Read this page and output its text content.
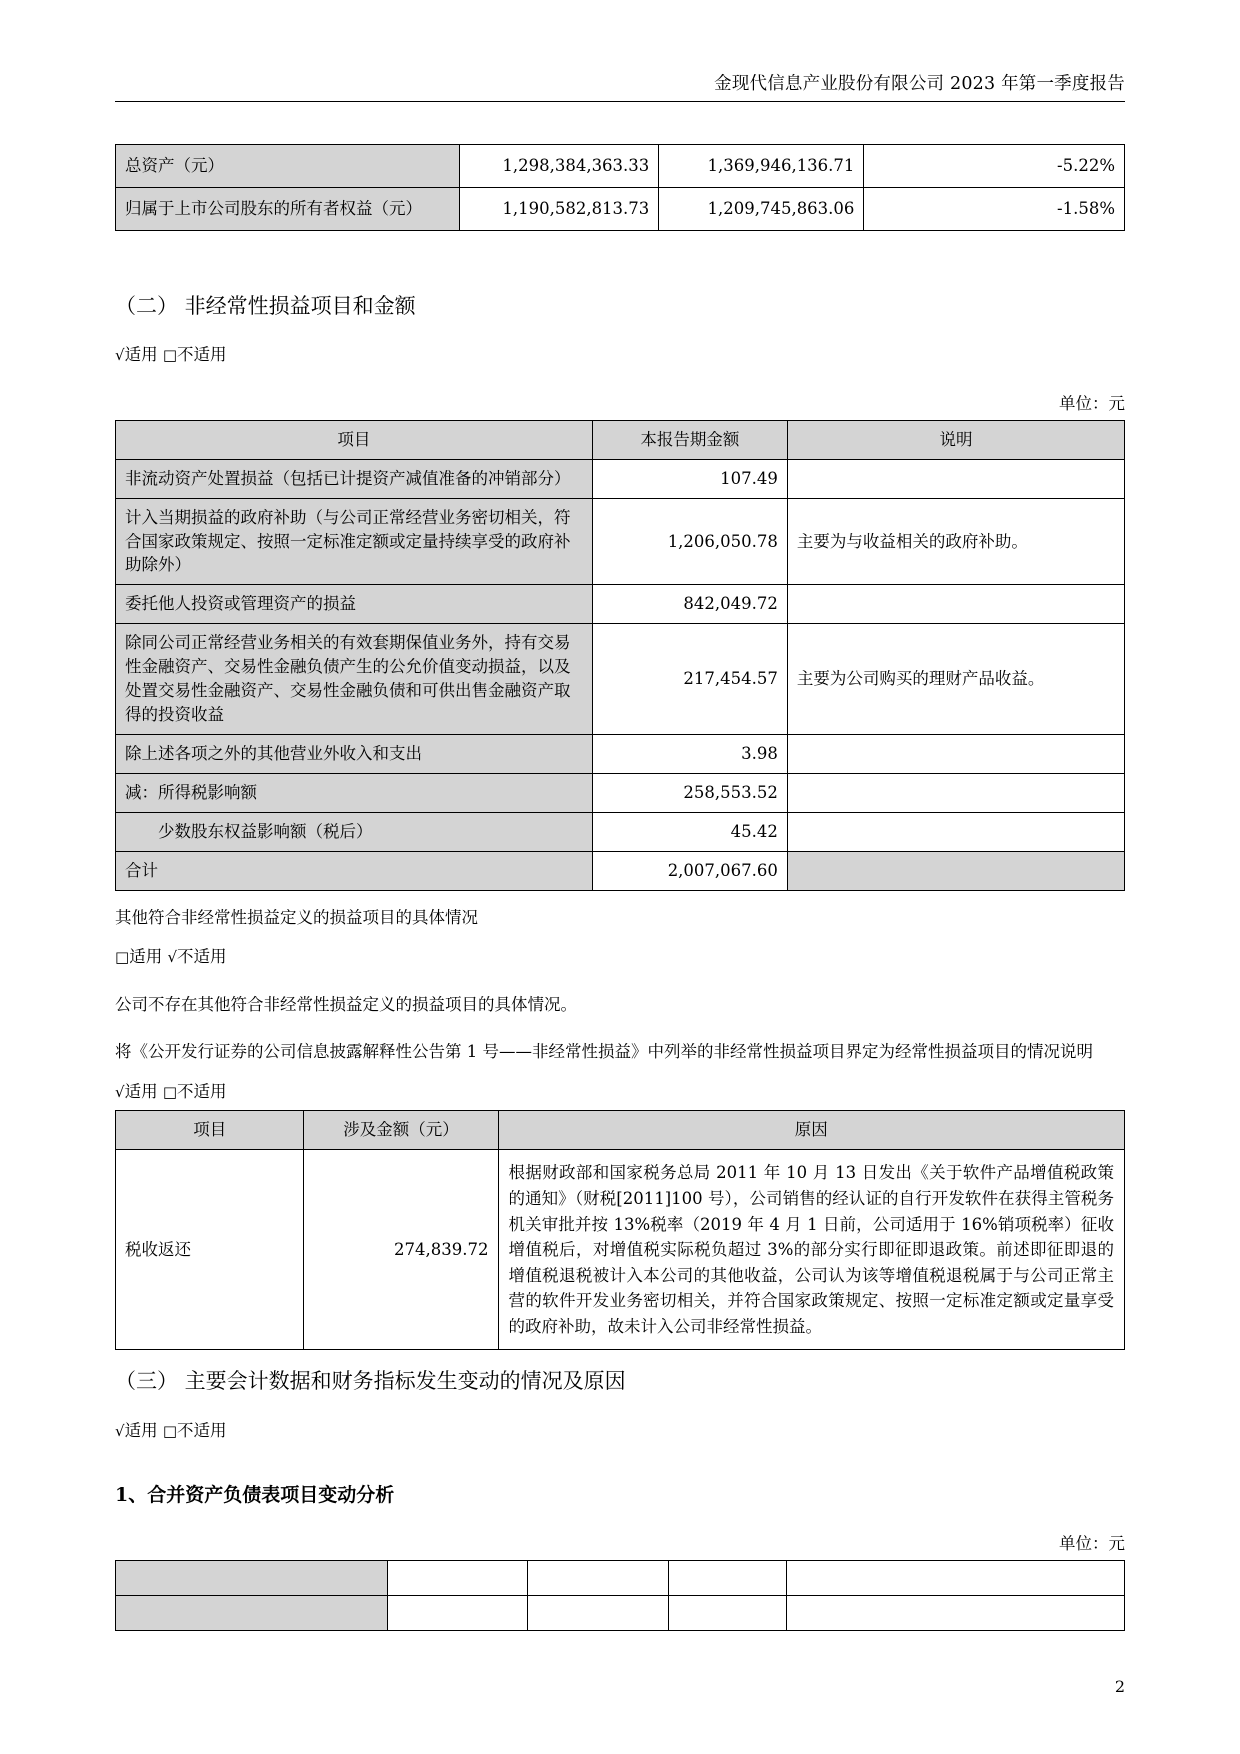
金现代信息产业股份有限公司 2023 年第一季度报告
总资产（元）	1,298,384,363.33	1,369,946,136.71	-5.22%
归属于上市公司股东的所有者权益（元）	1,190,582,813.73	1,209,745,863.06	-1.58%
（二） 非经常性损益项目和金额

√适用 □不适用

单位：元
项目	本报告期金额	说明
非流动资产处置损益（包括已计提资产减值准备的冲销部分）	107.49	
计入当期损益的政府补助（与公司正常经营业务密切相关，符合国家政策规定、按照一定标准定额或定量持续享受的政府补助除外）	1,206,050.78	主要为与收益相关的政府补助。
委托他人投资或管理资产的损益	842,049.72	
除同公司正常经营业务相关的有效套期保值业务外，持有交易性金融资产、交易性金融负债产生的公允价值变动损益，以及处置交易性金融资产、交易性金融负债和可供出售金融资产取得的投资收益	217,454.57	主要为公司购买的理财产品收益。
除上述各项之外的其他营业外收入和支出	3.98	
减：所得税影响额	258,553.52	
　　少数股东权益影响额（税后）	45.42	
合计	2,007,067.60	

其他符合非经常性损益定义的损益项目的具体情况

□适用 √不适用

公司不存在其他符合非经常性损益定义的损益项目的具体情况。

将《公开发行证券的公司信息披露解释性公告第 1 号——非经常性损益》中列举的非经常性损益项目界定为经常性损益项目的情况说明

√适用 □不适用

项目	涉及金额（元）	原因
税收返还	274,839.72	根据财政部和国家税务总局 2011 年 10 月 13 日发出《关于软件产品增值税政策的通知》（财税[2011]100 号），公司销售的经认证的自行开发软件在获得主管税务机关审批并按 13%税率（2019 年 4 月 1 日前，公司适用于 16%销项税率）征收增值税后，对增值税实际税负超过 3%的部分实行即征即退政策。前述即征即退的增值税退税被计入本公司的其他收益，公司认为该等增值税退税属于与公司正常主营的软件开发业务密切相关，并符合国家政策规定、按照一定标准定额或定量享受的政府补助，故未计入公司非经常性损益。
（三） 主要会计数据和财务指标发生变动的情况及原因

√适用 □不适用

1、合并资产负债表项目变动分析
单位：元

2
